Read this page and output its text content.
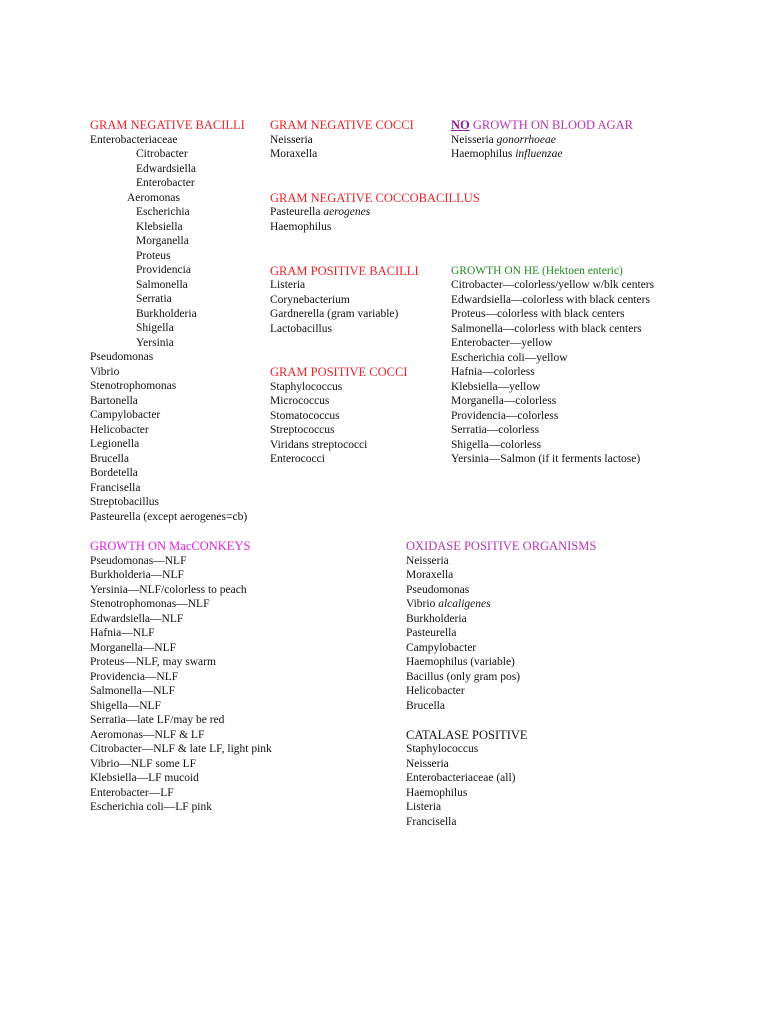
GRAM NEGATIVE BACILLI
Enterobacteriaceae
Citrobacter
Edwardsiella
Enterobacter
Aeromonas
Escherichia
Klebsiella
Morganella
Proteus
Providencia
Salmonella
Serratia
Burkholderia
Shigella
Yersinia
Pseudomonas
Vibrio
Stenotrophomonas
Bartonella
Campylobacter
Helicobacter
Legionella
Brucella
Bordetella
Francisella
Streptobacillus
Pasteurella (except aerogenes=cb)
GRAM NEGATIVE COCCI
Neisseria
Moraxella
NO GROWTH ON BLOOD AGAR
Neisseria gonorrhoeae
Haemophilus influenzae
GRAM NEGATIVE COCCOBACILLUS
Pasteurella aerogenes
Haemophilus
GRAM POSITIVE BACILLI
Listeria
Corynebacterium
Gardnerella (gram variable)
Lactobacillus
GROWTH ON HE (Hektoen enteric)
Citrobacter—colorless/yellow w/blk centers
Edwardsiella—colorless with black centers
Proteus—colorless with black centers
Salmonella—colorless with black centers
Enterobacter—yellow
Escherichia coli—yellow
Hafnia—colorless
Klebsiella—yellow
Morganella—colorless
Providencia—colorless
Serratia—colorless
Shigella—colorless
Yersinia—Salmon (if it ferments lactose)
GRAM POSITIVE COCCI
Staphylococcus
Micrococcus
Stomatococcus
Streptococcus
Viridans streptococci
Enterococci
GROWTH ON MacCONKEYS
Pseudomonas—NLF
Burkholderia—NLF
Yersinia—NLF/colorless to peach
Stenotrophomonas—NLF
Edwardsiella—NLF
Hafnia—NLF
Morganella—NLF
Proteus—NLF, may swarm
Providencia—NLF
Salmonella—NLF
Shigella—NLF
Serratia—late LF/may be red
Aeromonas—NLF & LF
Citrobacter—NLF & late LF, light pink
Vibrio—NLF some LF
Klebsiella—LF mucoid
Enterobacter—LF
Escherichia coli—LF pink
OXIDASE POSITIVE ORGANISMS
Neisseria
Moraxella
Pseudomonas
Vibrio alcaligenes
Burkholderia
Pasteurella
Campylobacter
Haemophilus (variable)
Bacillus (only gram pos)
Helicobacter
Brucella
CATALASE POSITIVE
Staphylococcus
Neisseria
Enterobacteriaceae (all)
Haemophilus
Listeria
Francisella
